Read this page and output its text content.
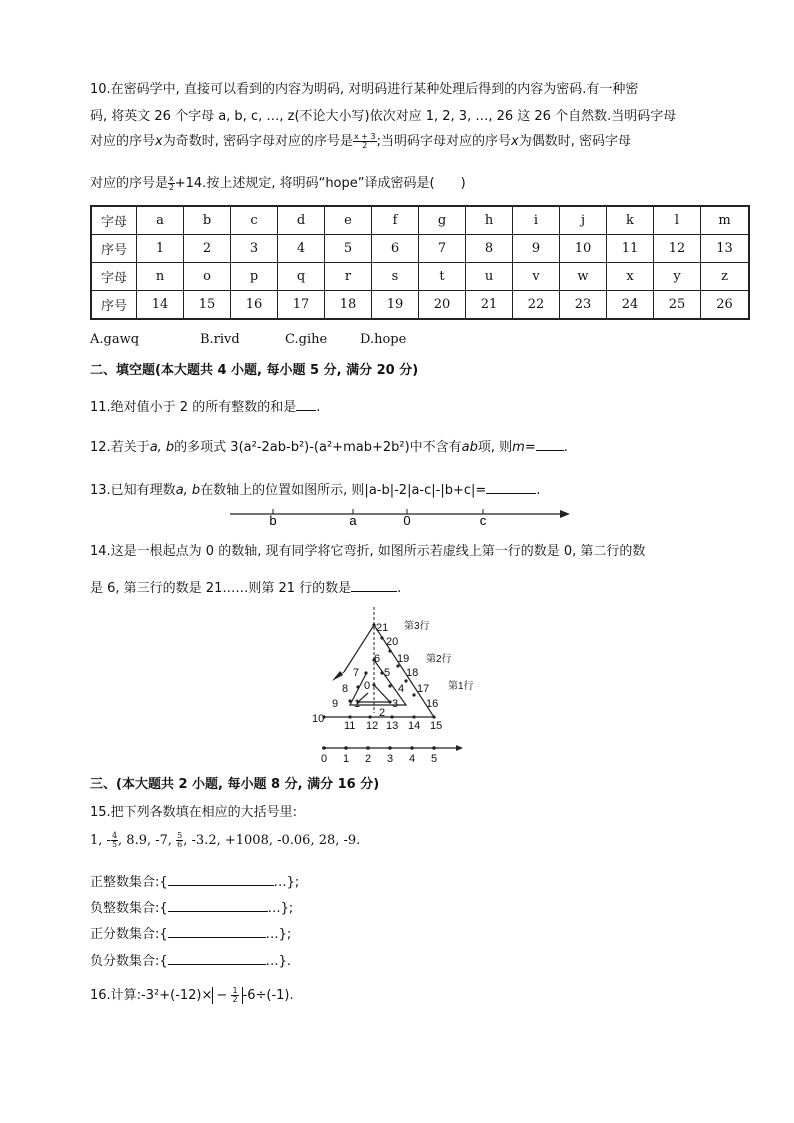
10.在密码学中, 直接可以看到的内容为明码, 对明码进行某种处理后得到的内容为密码.有一种密
码, 将英文 26 个字母 a, b, c, …, z(不论大小写)依次对应 1, 2, 3, …, 26 这 26 个自然数.当明码字母
对应的序号x为奇数时, 密码字母对应的序号是 $\frac{x + 3}{2}$ ;当明码字母对应的序号x为偶数时, 密码字母
对应的序号是 $\frac{x}{2} +14$.按上述规定, 将明码“hope”译成密码是(　　)
字母	a	b	c	d	e	f	g	h	i	j	k	l	m
序号	1	2	3	4	5	6	7	8	9	10	11	12	13
字母	n	o	p	q	r	s	t	u	v	w	x	y	z
序号	14	15	16	17	18	19	20	21	22	23	24	25	26
A.gawq	B.rivd	C.gihe	D.hope
二、填空题(本大题共 4 小题, 每小题 5 分, 满分 20 分)
11.绝对值小于 2 的所有整数的和是 .
12.若关于a, b的多项式 3(a²-2ab-b²)-(a²+mab+2b²)中不含有ab项, 则m= .
13.已知有理数a, b在数轴上的位置如图所示, 则|a-b|-2|a-c|-|b+c|=	.
b	a	0	c
14.这是一根起点为 0 的数轴, 现有同学将它弯折, 如图所示若虚线上第一行的数是 0, 第二行的数
是 6, 第三行的数是 21……则第 21 行的数是	.
21
20
6 19
7 5 18
8 0	4 17
9 1	3	16
10	2
11 12 13 14 15
第3行
第2行
第1行
0 1 2 3 4 5
三、(本大题共 2 小题, 每小题 8 分, 满分 16 分)
15.把下列各数填在相应的大括号里:
1, - $\frac{4}{5}$ , 8.9, -7, $\frac{5}{6}$ , -3.2, +1008, -0.06, 28, -9.
正整数集合:{	…};
负整数集合:{	…};
正分数集合:{	…};
负分数集合:{	…}.
16.计算:-3²+(-12)× − $\frac{1}{2} -6\div(-1)$.
